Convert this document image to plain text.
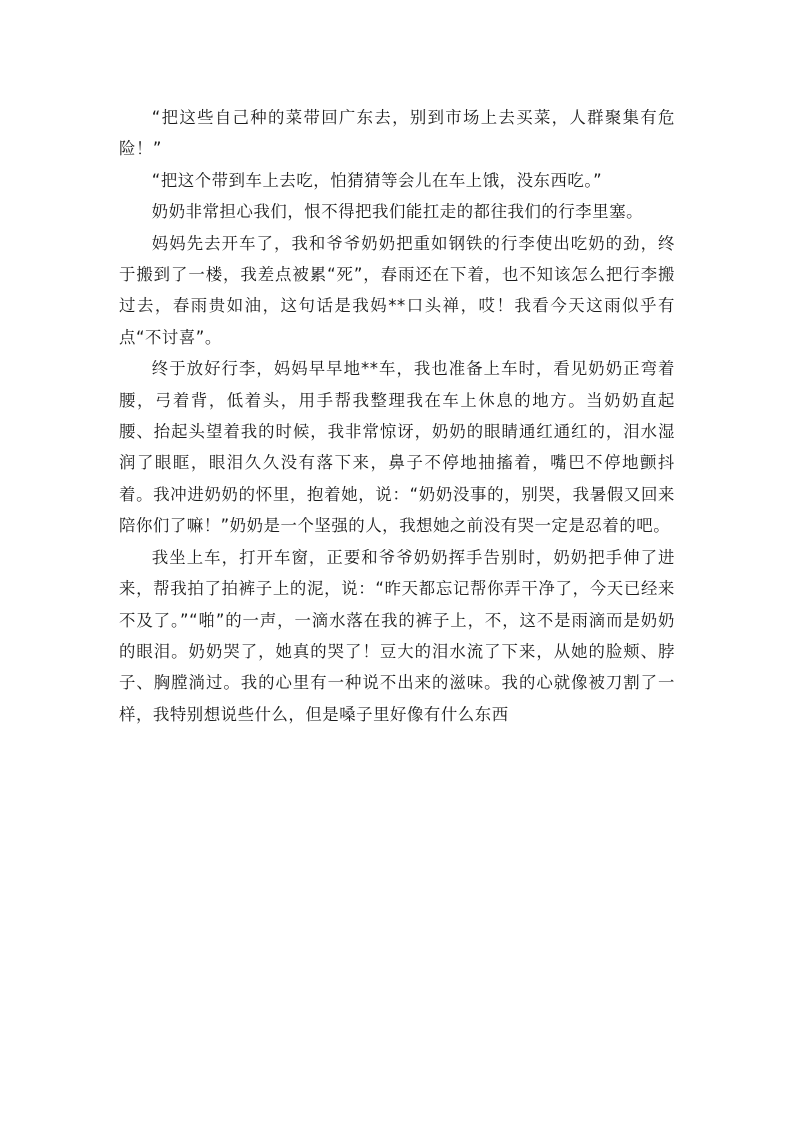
“把这些自己种的菜带回广东去，别到市场上去买菜，人群聚集有危险！”

“把这个带到车上去吃，怕猜猜等会儿在车上饿，没东西吃。”

奶奶非常担心我们，恨不得把我们能扛走的都往我们的行李里塞。

妈妈先去开车了，我和爷爷奶奶把重如钢铁的行李使出吃奶的劲，终于搬到了一楼，我差点被累“死”，春雨还在下着，也不知该怎么把行李搬过去，春雨贵如油，这句话是我妈**口头禅，哎！我看今天这雨似乎有点“不讨喜”。

终于放好行李，妈妈早早地**车，我也准备上车时，看见奶奶正弯着腰，弓着背，低着头，用手帮我整理我在车上休息的地方。当奶奶直起腰、抬起头望着我的时候，我非常惊讶，奶奶的眼睛通红通红的，泪水湿润了眼眶，眼泪久久没有落下来，鼻子不停地抽搐着，嘴巴不停地颤抖着。我冲进奶奶的怀里，抱着她，说：“奶奶没事的，别哭，我暑假又回来陪你们了嘛！”奶奶是一个坚强的人，我想她之前没有哭一定是忍着的吧。

我坐上车，打开车窗，正要和爷爷奶奶挥手告别时，奶奶把手伸了进来，帮我拍了拍裤子上的泥，说：“昨天都忘记帮你弄干净了，今天已经来不及了。”“啪”的一声，一滴水落在我的裤子上，不，这不是雨滴而是奶奶的眼泪。奶奶哭了，她真的哭了！豆大的泪水流了下来，从她的脸颊、脖子、胸膛淌过。我的心里有一种说不出来的滋味。我的心就像被刀割了一样，我特别想说些什么，但是嗓子里好像有什么东西
